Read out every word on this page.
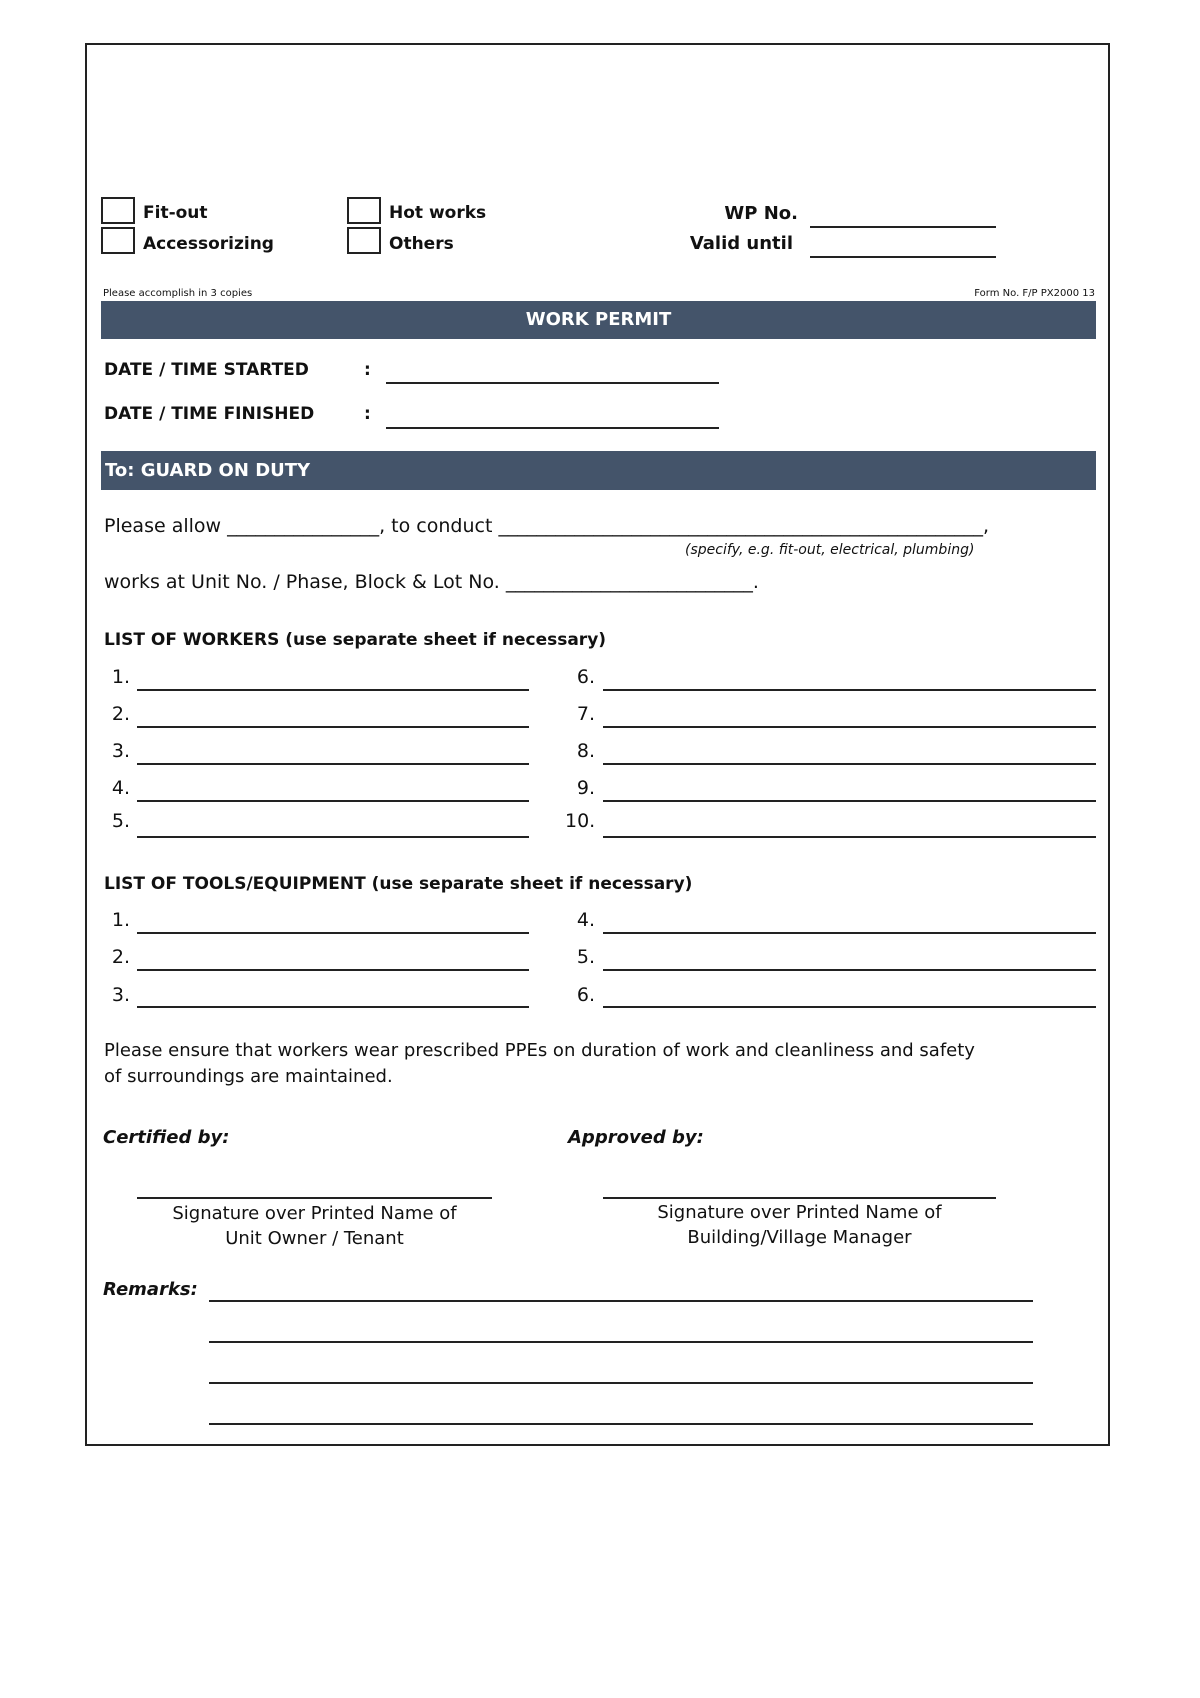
Fit-out
Accessorizing
Hot works
Others
WP No.
Valid until
Please accomplish in 3 copies	Form No. F/P PX2000 13
WORK PERMIT
DATE / TIME STARTED	:
DATE / TIME FINISHED	:
To: GUARD ON DUTY
Please allow ________________, to conduct ___________________________________________________,
(specify, e.g. fit-out, electrical, plumbing)
works at Unit No. / Phase, Block & Lot No. __________________________.
LIST OF WORKERS (use separate sheet if necessary)
1.
2.
3.
4.
5.
6.
7.
8.
9.
10.
LIST OF TOOLS/EQUIPMENT (use separate sheet if necessary)
1.
2.
3.
4.
5.
6.
Please ensure that workers wear prescribed PPEs on duration of work and cleanliness and safety
of surroundings are maintained.
Certified by:	Approved by:
Signature over Printed Name of
Unit Owner / Tenant
Signature over Printed Name of
Building/Village Manager
Remarks:
